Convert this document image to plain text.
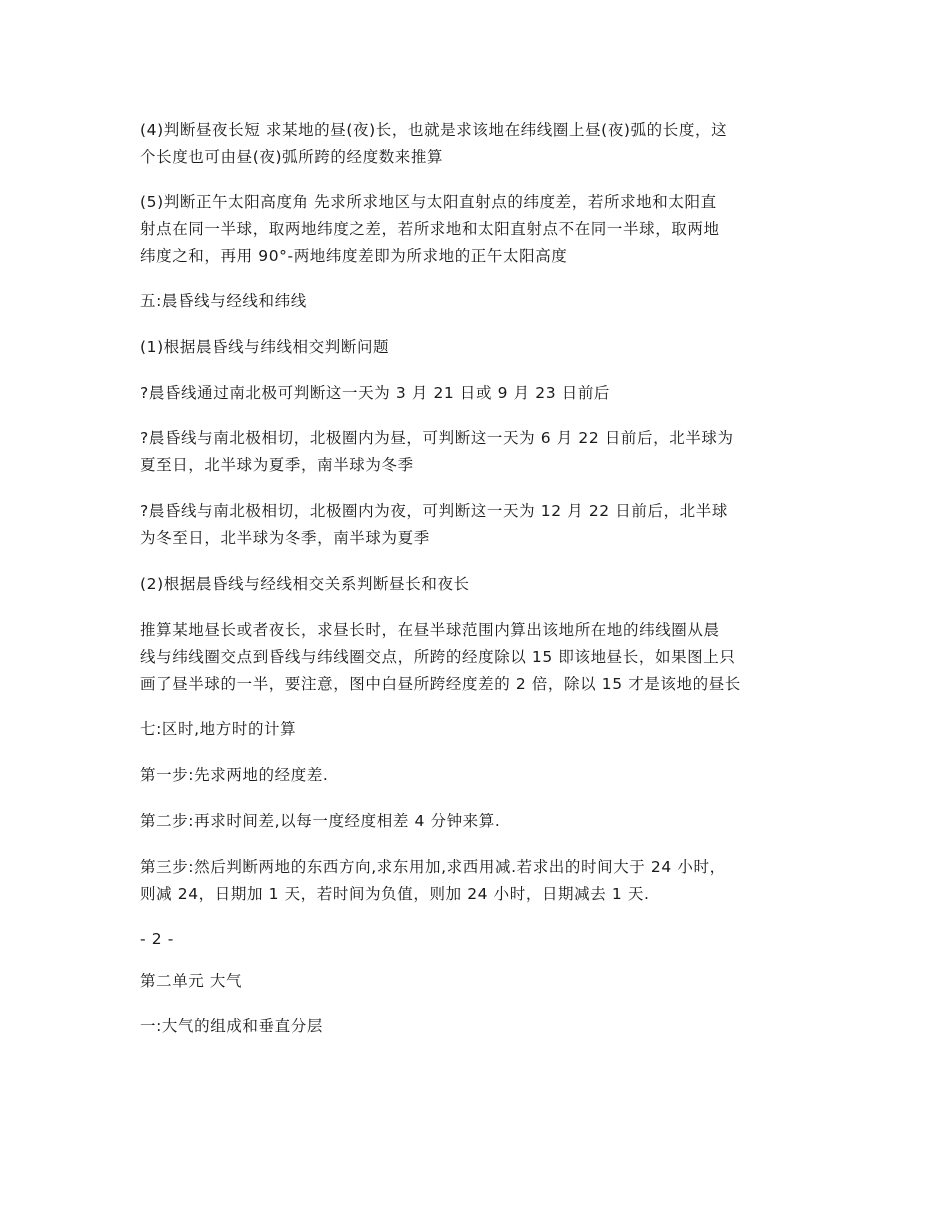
(4)判断昼夜长短 求某地的昼(夜)长，也就是求该地在纬线圈上昼(夜)弧的长度，这
个长度也可由昼(夜)弧所跨的经度数来推算

(5)判断正午太阳高度角 先求所求地区与太阳直射点的纬度差，若所求地和太阳直
射点在同一半球，取两地纬度之差，若所求地和太阳直射点不在同一半球，取两地
纬度之和，再用 90°-两地纬度差即为所求地的正午太阳高度

五:晨昏线与经线和纬线

(1)根据晨昏线与纬线相交判断问题

?晨昏线通过南北极可判断这一天为 3 月 21 日或 9 月 23 日前后

?晨昏线与南北极相切，北极圈内为昼，可判断这一天为 6 月 22 日前后，北半球为
夏至日，北半球为夏季，南半球为冬季

?晨昏线与南北极相切，北极圈内为夜，可判断这一天为 12 月 22 日前后，北半球
为冬至日，北半球为冬季，南半球为夏季

(2)根据晨昏线与经线相交关系判断昼长和夜长

推算某地昼长或者夜长，求昼长时，在昼半球范围内算出该地所在地的纬线圈从晨
线与纬线圈交点到昏线与纬线圈交点，所跨的经度除以 15 即该地昼长，如果图上只
画了昼半球的一半，要注意，图中白昼所跨经度差的 2 倍，除以 15 才是该地的昼长

七:区时,地方时的计算

第一步:先求两地的经度差.

第二步:再求时间差,以每一度经度相差 4 分钟来算.

第三步:然后判断两地的东西方向,求东用加,求西用减.若求出的时间大于 24 小时，
则减 24，日期加 1 天，若时间为负值，则加 24 小时，日期减去 1 天.

- 2 -

第二单元 大气

一:大气的组成和垂直分层
